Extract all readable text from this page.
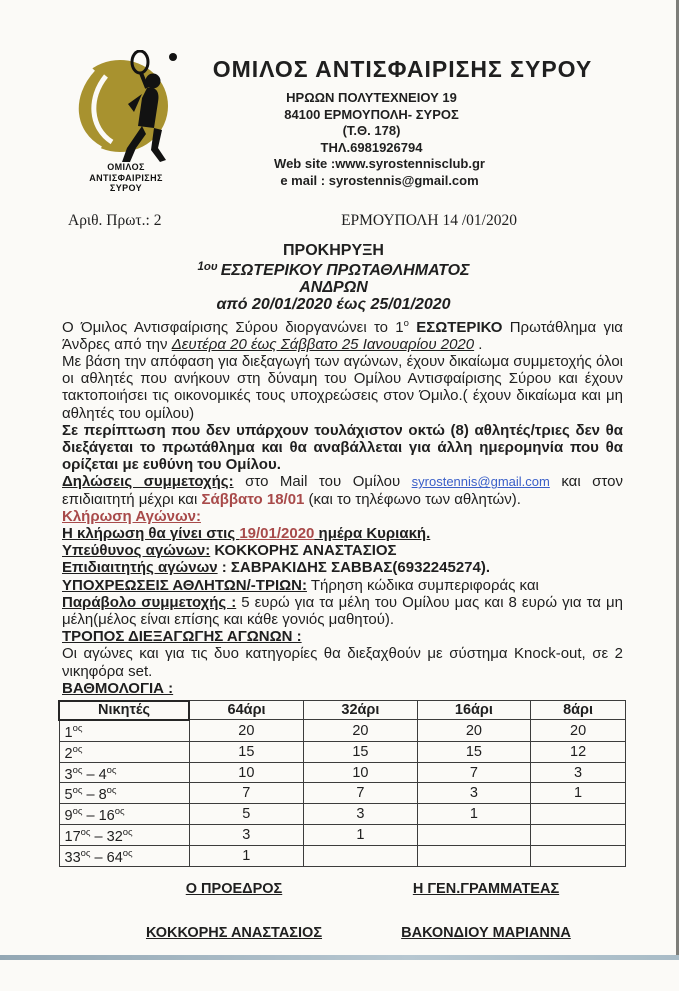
ΟΜΙΛΟΣ
ΑΝΤΙΣΦΑΙΡΙΣΗΣ
ΣΥΡΟΥ
ΟΜΙΛΟΣ ΑΝΤΙΣΦΑΙΡΙΣΗΣ ΣΥΡΟΥ
ΗΡΩΩΝ ΠΟΛΥΤΕΧΝΕΙΟΥ 19
84100 ΕΡΜΟΥΠΟΛΗ- ΣΥΡΟΣ
(Τ.Θ. 178)
ΤΗΛ.6981926794
Web site :www.syrostennisclub.gr
e mail : syrostennis@gmail.com
Αριθ. Πρωτ.: 2	ΕΡΜΟΥΠΟΛΗ 14 /01/2020
ΠΡΟΚΗΡΥΞΗ
$^{1o\upsilon}$ ΕΣΩΤΕΡΙΚΟΥ ΠΡΩΤΑΘΛΗΜΑΤΟΣ
ΑΝΔΡΩΝ
από 20/01/2020 έως 25/01/2020
Ο Όμιλος Αντισφαίρισης Σύρου διοργανώνει το $1^o$ ΕΣΩΤΕΡΙΚΟ Πρωτάθλημα για Άνδρες από την Δευτέρα 20 έως Σάββατο 25 Ιανουαρίου 2020 .
Με βάση την απόφαση για διεξαγωγή των αγώνων, έχουν δικαίωμα συμμετοχής όλοι οι αθλητές που ανήκουν στη δύναμη του Ομίλου Αντισφαίρισης Σύρου και έχουν τακτοποιήσει τις οικονομικές τους υποχρεώσεις στον Όμιλο.( έχουν δικαίωμα και μη αθλητές του ομίλου)
Σε περίπτωση που δεν υπάρχουν τουλάχιστον οκτώ (8) αθλητές/τριες δεν θα διεξάγεται το πρωτάθλημα και θα αναβάλλεται για άλλη ημερομηνία που θα ορίζεται με ευθύνη του Ομίλου.
Δηλώσεις συμμετοχής: στο Mail του Ομίλου syrostennis@gmail.com και στον επιδιαιτητή μέχρι και Σάββατο 18/01 (και το τηλέφωνο των αθλητών).
Κλήρωση Αγώνων:
Η κλήρωση θα γίνει στις 19/01/2020 ημέρα Κυριακή.
Υπεύθυνος αγώνων: ΚΟΚΚΟΡΗΣ ΑΝΑΣΤΑΣΙΟΣ
Επιδιαιτητής αγώνων : ΣΑΒΡΑΚΙΔΗΣ ΣΑΒΒΑΣ(6932245274).
ΥΠΟΧΡΕΩΣΕΙΣ ΑΘΛΗΤΩΝ/-ΤΡΙΩΝ: Τήρηση κώδικα συμπεριφοράς και
Παράβολο συμμετοχής : 5 ευρώ για τα μέλη του Ομίλου μας και 8 ευρώ για τα μη μέλη(μέλος είναι επίσης και κάθε γονιός μαθητού).
ΤΡΟΠΟΣ ΔΙΕΞΑΓΩΓΗΣ ΑΓΩΝΩΝ :
Οι αγώνες και για τις δυο κατηγορίες θα διεξαχθούν με σύστημα Knock-out, σε 2 νικηφόρα set.
ΒΑΘΜΟΛΟΓΙΑ :
Νικητές	64άρι	32άρι	16άρι	8άρι
$1^{o\varsigma}$	20	20	20	20
$2^{o\varsigma}$	15	15	15	12
$3^{o\varsigma} - 4^{o\varsigma}$	10	10	7	3
$5^{o\varsigma} - 8^{o\varsigma}$	7	7	3	1
$9^{o\varsigma} - 16^{o\varsigma}$	5	3	1	
$17^{o\varsigma} - 32^{o\varsigma}$	3	1		
$33^{o\varsigma} - 64^{o\varsigma}$	1			
Ο ΠΡΟΕΔΡΟΣ
ΚΟΚΚΟΡΗΣ ΑΝΑΣΤΑΣΙΟΣ
Η ΓΕΝ.ΓΡΑΜΜΑΤΕΑΣ
ΒΑΚΟΝΔΙΟΥ ΜΑΡΙΑΝΝΑ
